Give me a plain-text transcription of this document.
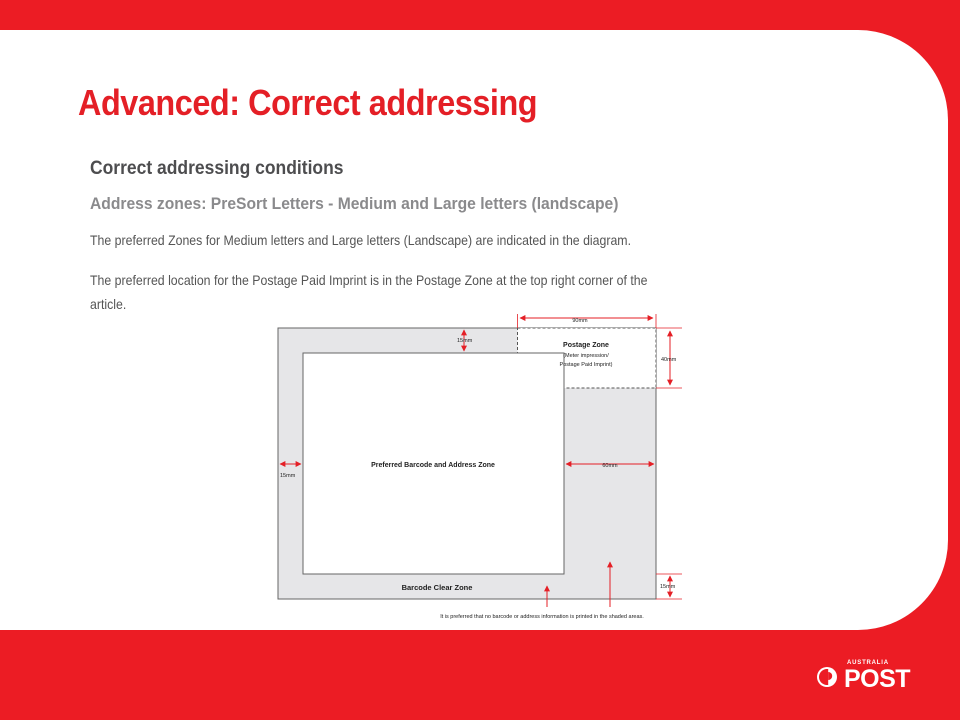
Advanced: Correct addressing
Correct addressing conditions
Address zones: PreSort Letters - Medium and Large letters (landscape)
The preferred Zones for Medium letters and Large letters (Landscape) are indicated in the diagram.
The preferred location for the Postage Paid Imprint is in the Postage Zone at the top right corner of the article.
90mm
15mm
40mm
Postage Zone
(Meter impression/
Postage Paid Imprint)
15mm
Preferred Barcode and Address Zone	60mm
Barcode Clear Zone	15mm
It is preferred that no barcode or address information is printed in the shaded areas.
AUSTRALIA
POST
